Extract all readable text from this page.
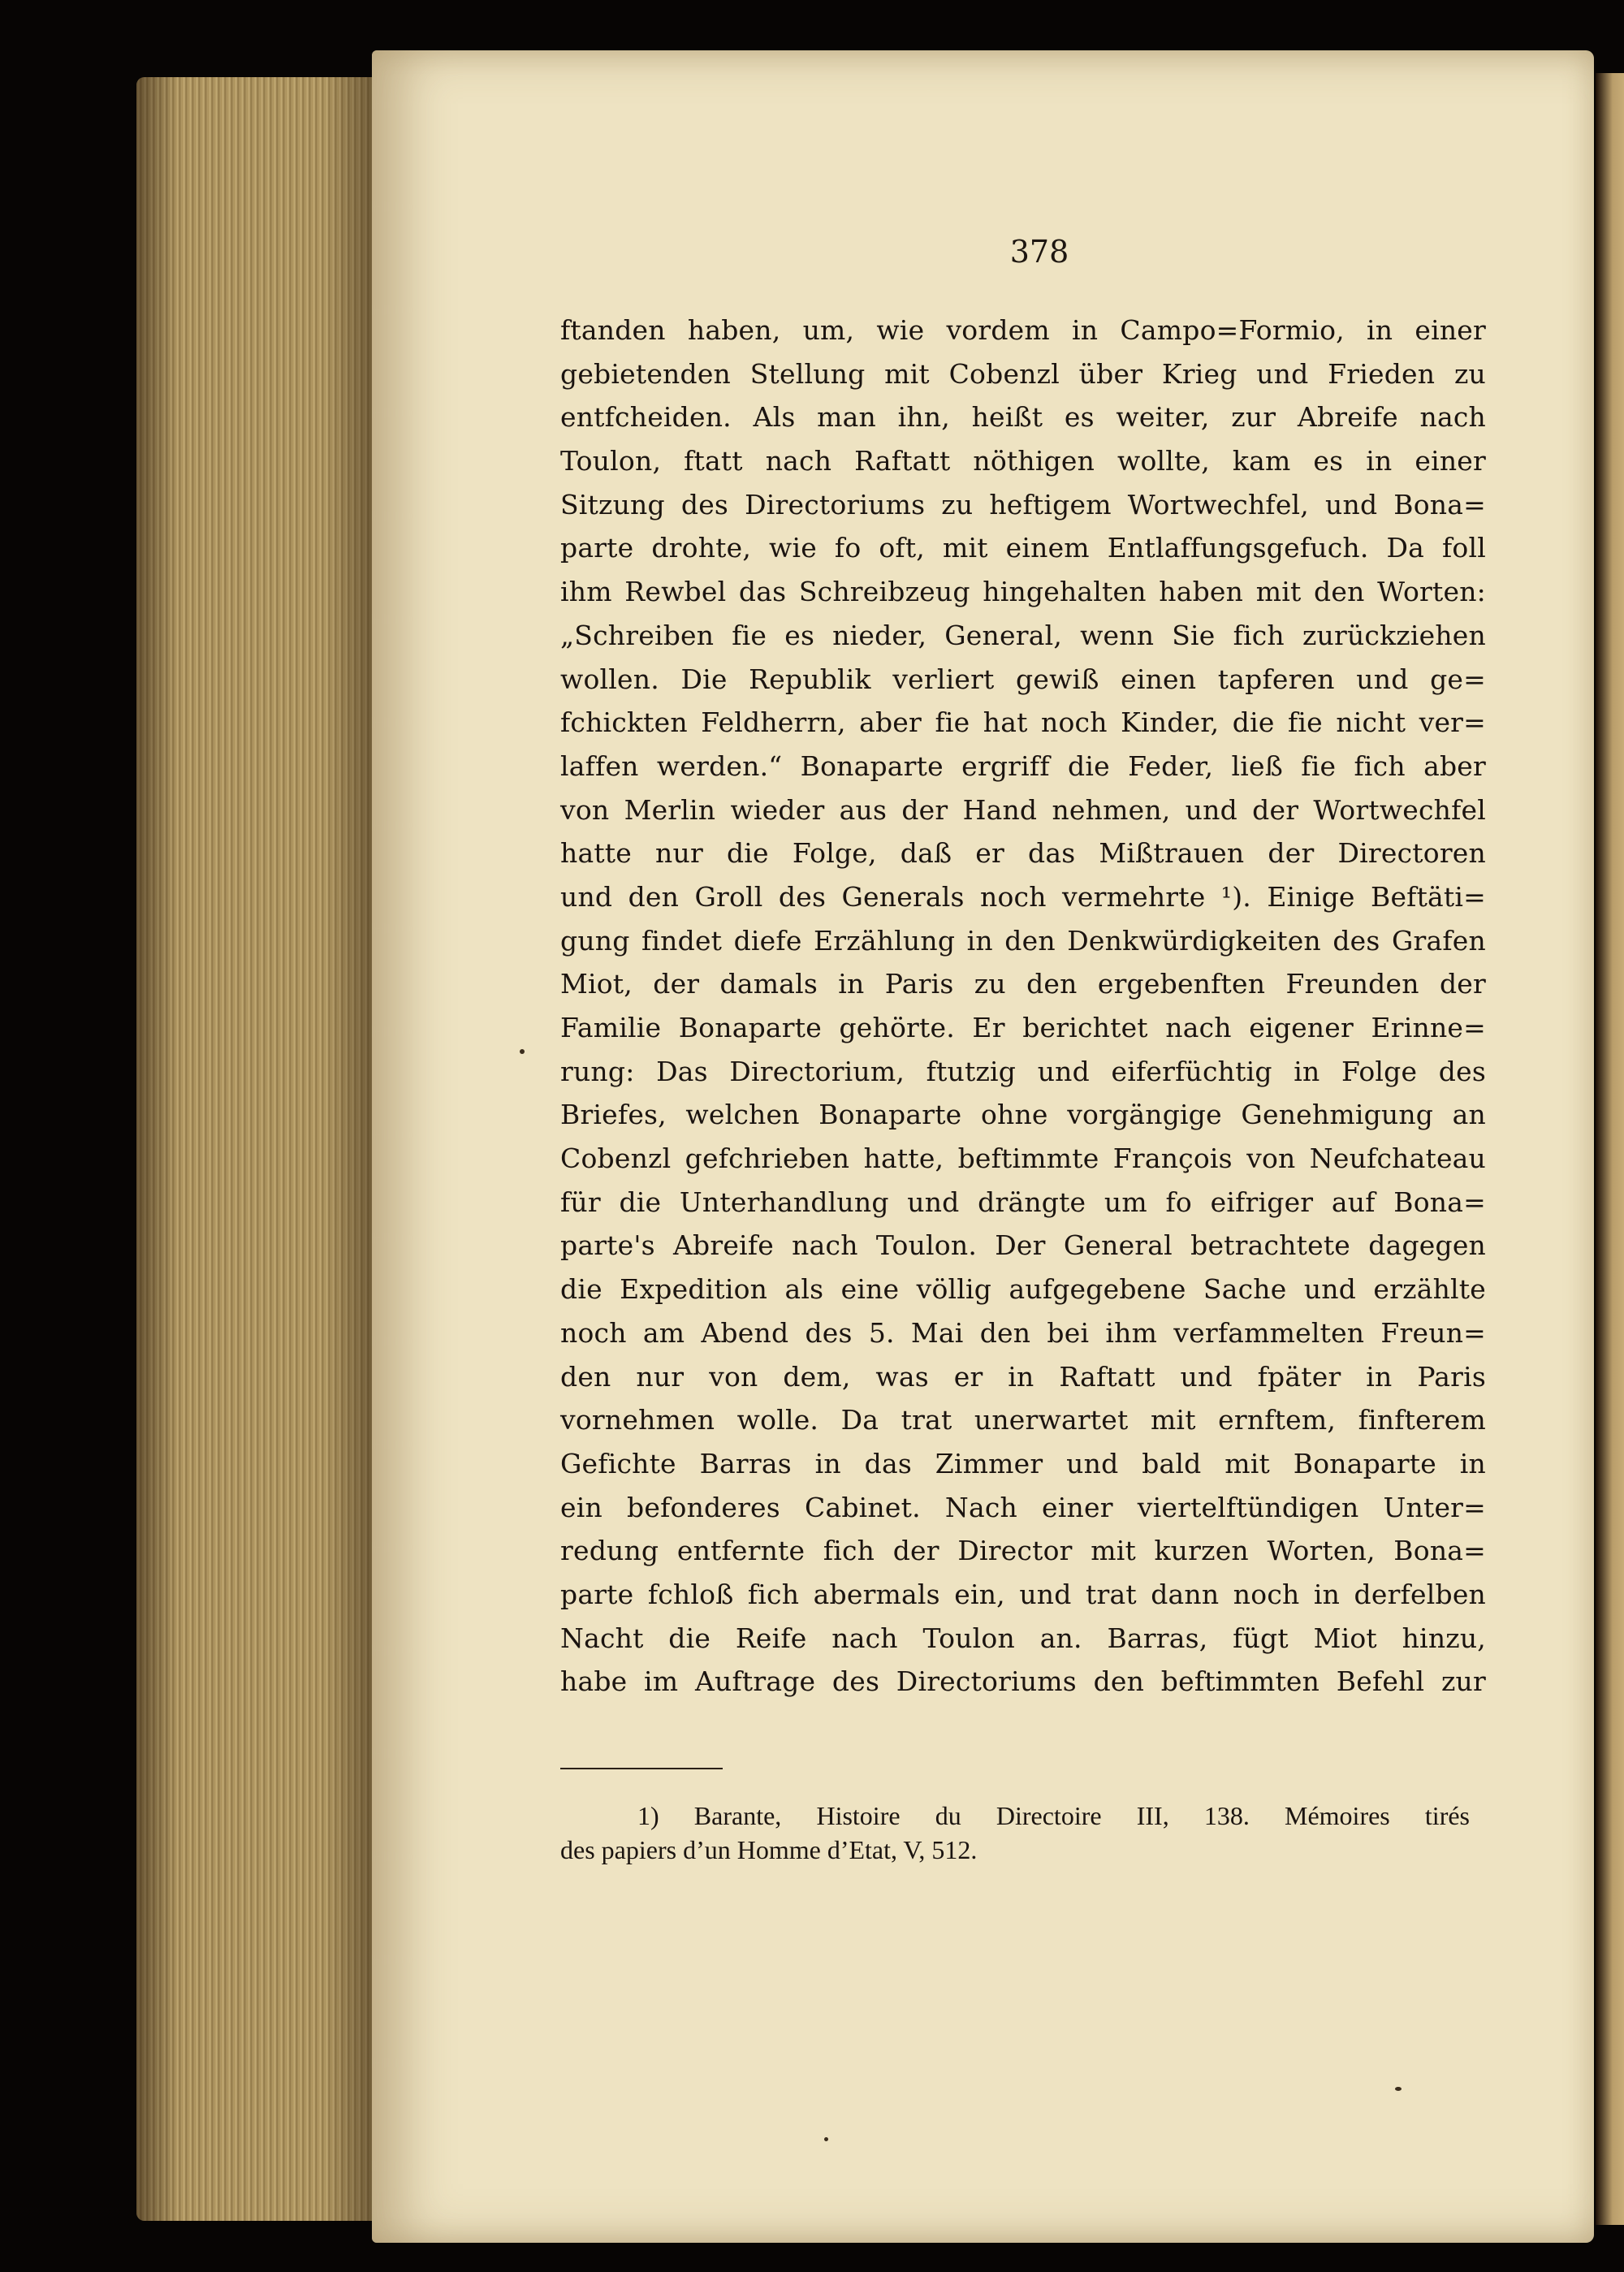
378
ftanden haben, um, wie vordem in Campo=Formio, in einer
gebietenden Stellung mit Cobenzl über Krieg und Frieden zu
entfcheiden. Als man ihn, heißt es weiter, zur Abreife nach
Toulon, ftatt nach Raftatt nöthigen wollte, kam es in einer
Sitzung des Directoriums zu heftigem Wortwechfel, und Bona=
parte drohte, wie fo oft, mit einem Entlaffungsgefuch. Da foll
ihm Rewbel das Schreibzeug hingehalten haben mit den Worten:
„Schreiben fie es nieder, General, wenn Sie fich zurückziehen
wollen. Die Republik verliert gewiß einen tapferen und ge=
fchickten Feldherrn, aber fie hat noch Kinder, die fie nicht ver=
laffen werden.“ Bonaparte ergriff die Feder, ließ fie fich aber
von Merlin wieder aus der Hand nehmen, und der Wortwechfel
hatte nur die Folge, daß er das Mißtrauen der Directoren
und den Groll des Generals noch vermehrte ¹). Einige Beftäti=
gung findet diefe Erzählung in den Denkwürdigkeiten des Grafen
Miot, der damals in Paris zu den ergebenften Freunden der
Familie Bonaparte gehörte. Er berichtet nach eigener Erinne=
rung: Das Directorium, ftutzig und eiferfüchtig in Folge des
Briefes, welchen Bonaparte ohne vorgängige Genehmigung an
Cobenzl gefchrieben hatte, beftimmte François von Neufchateau
für die Unterhandlung und drängte um fo eifriger auf Bona=
parte's Abreife nach Toulon. Der General betrachtete dagegen
die Expedition als eine völlig aufgegebene Sache und erzählte
noch am Abend des 5. Mai den bei ihm verfammelten Freun=
den nur von dem, was er in Raftatt und fpäter in Paris
vornehmen wolle. Da trat unerwartet mit ernftem, finfterem
Gefichte Barras in das Zimmer und bald mit Bonaparte in
ein befonderes Cabinet. Nach einer viertelftündigen Unter=
redung entfernte fich der Director mit kurzen Worten, Bona=
parte fchloß fich abermals ein, und trat dann noch in derfelben
Nacht die Reife nach Toulon an. Barras, fügt Miot hinzu,
habe im Auftrage des Directoriums den beftimmten Befehl zur
1) Barante, Histoire du Directoire III, 138. Mémoires tirés
des papiers d’un Homme d’Etat, V, 512.
